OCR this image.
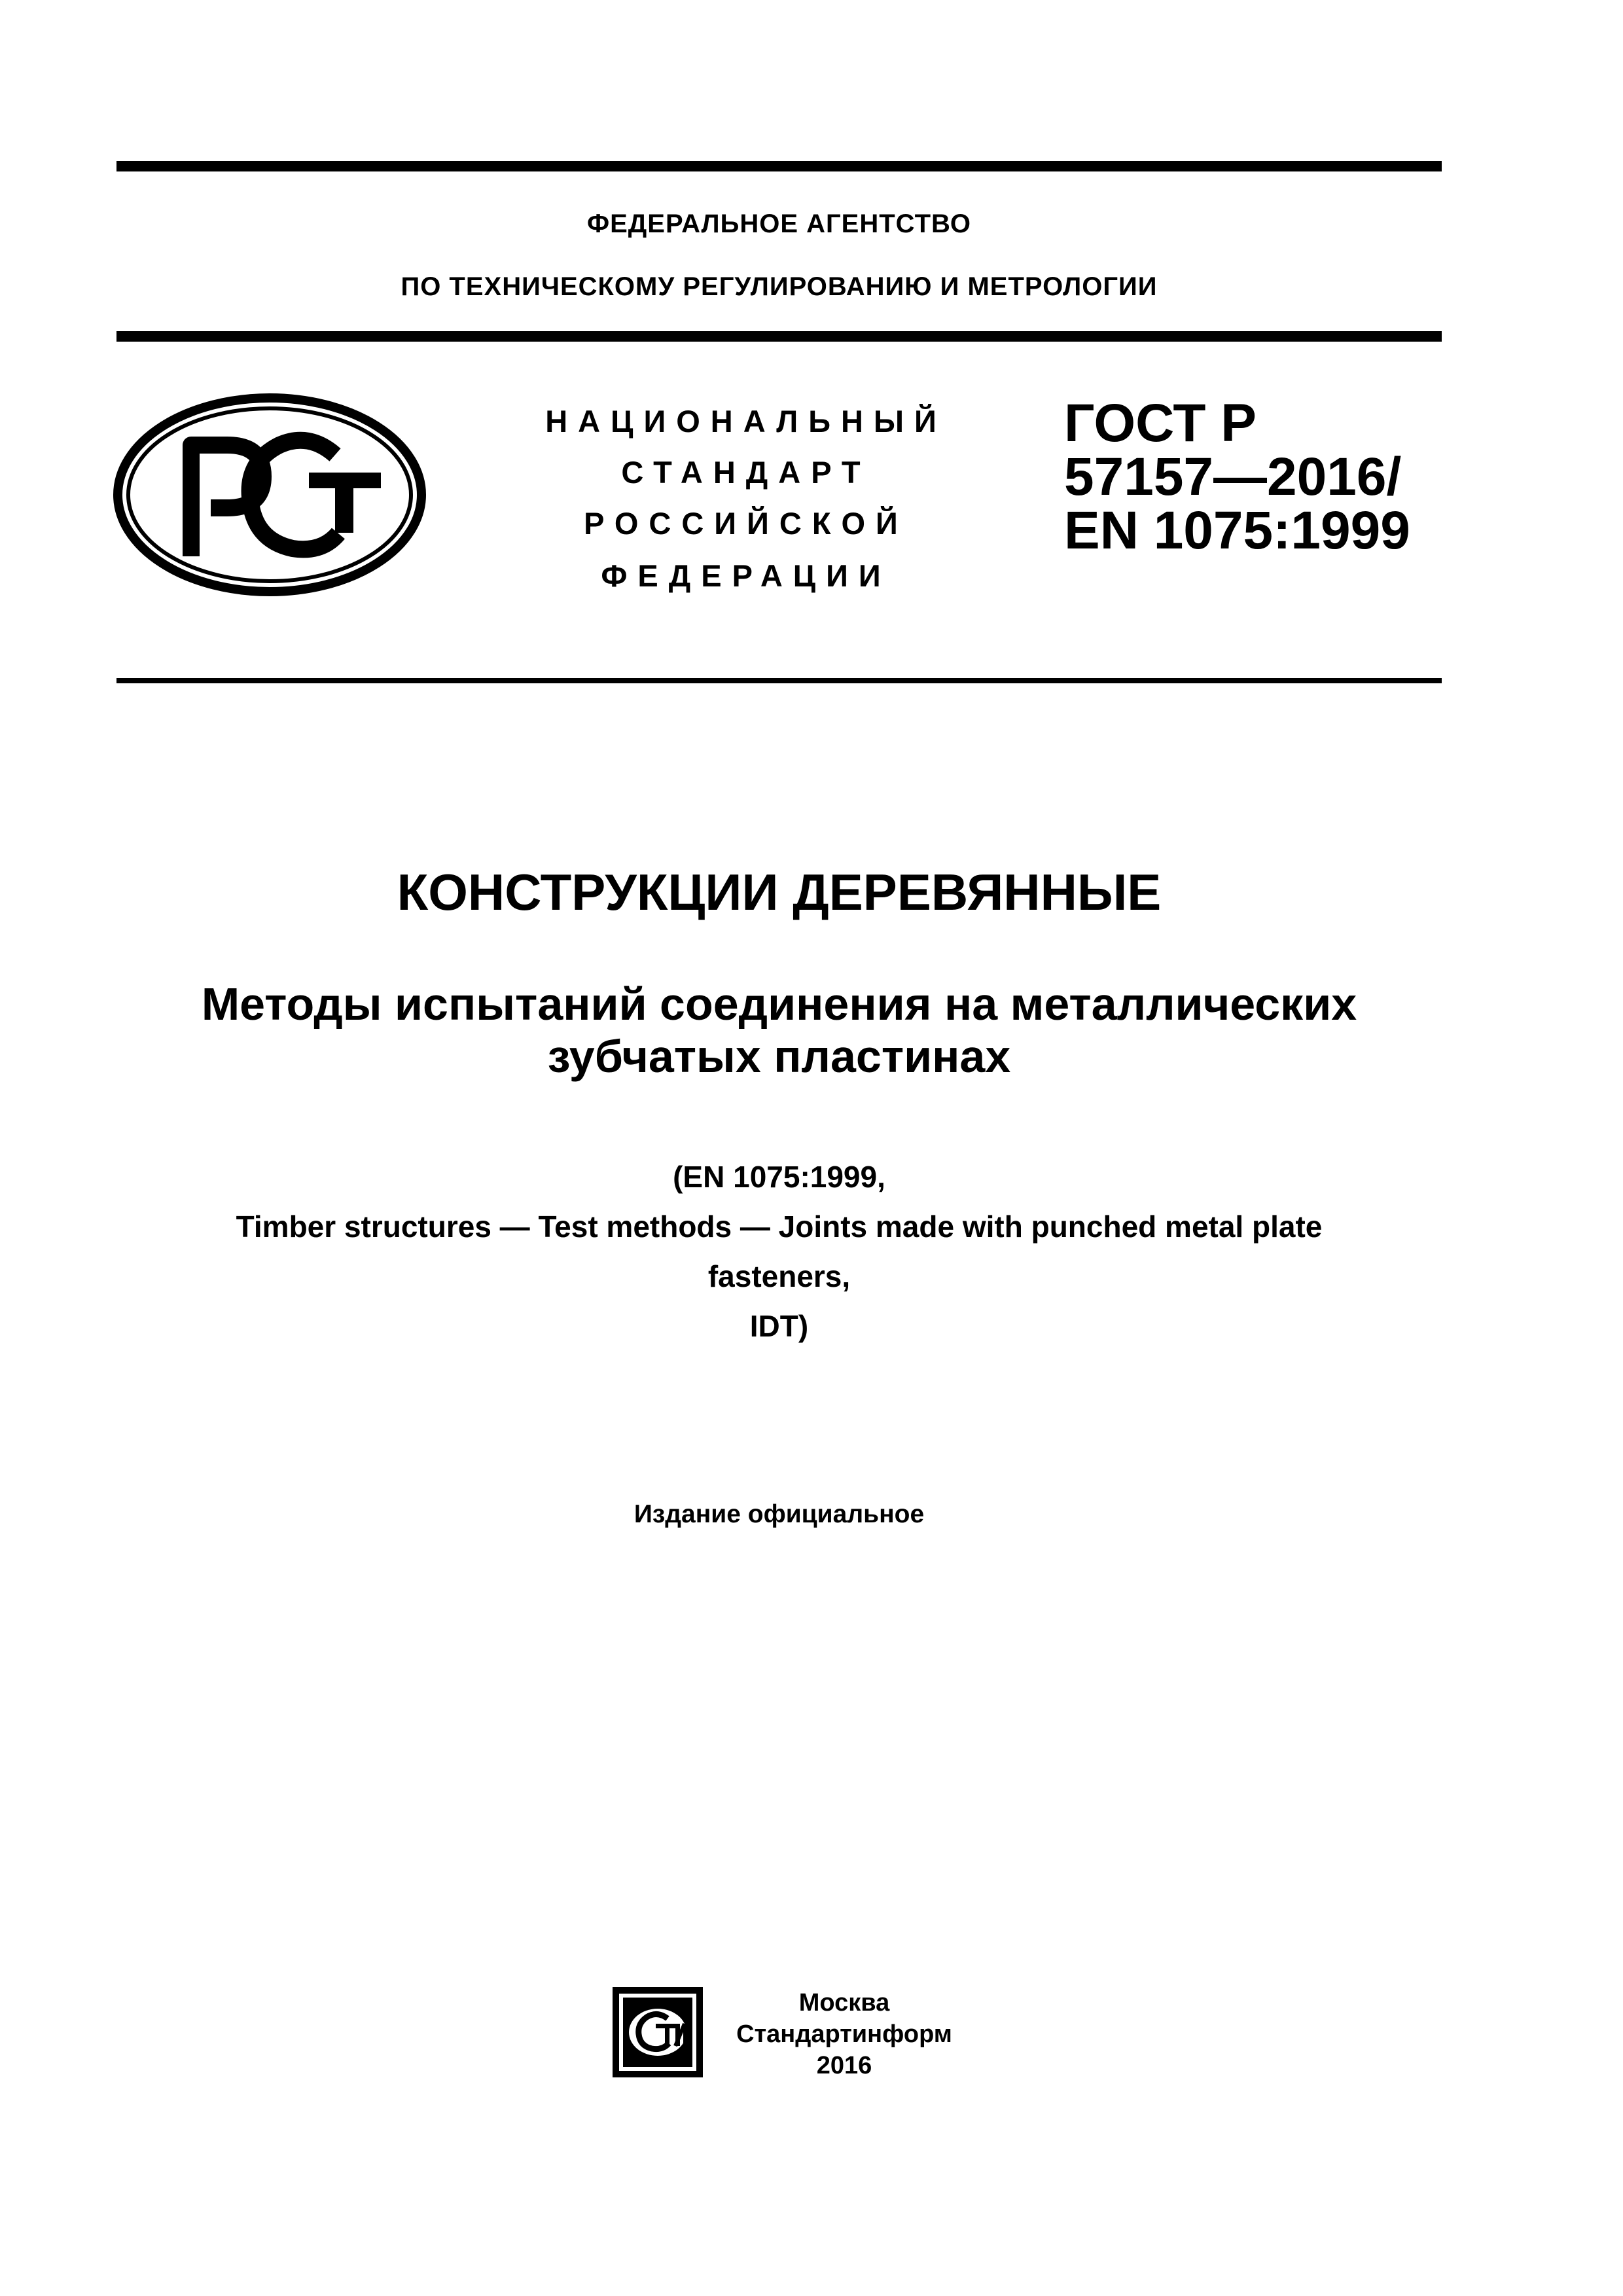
ФЕДЕРАЛЬНОЕ АГЕНТСТВО
ПО ТЕХНИЧЕСКОМУ РЕГУЛИРОВАНИЮ И МЕТРОЛОГИИ
НАЦИОНАЛЬНЫЙ
СТАНДАРТ
РОССИЙСКОЙ
ФЕДЕРАЦИИ
ГОСТ Р
57157—2016/
EN 1075:1999
КОНСТРУКЦИИ ДЕРЕВЯННЫЕ
Методы испытаний соединения на металлических
зубчатых пластинах
(EN 1075:1999,
Timber structures — Test methods — Joints made with punched metal plate
fasteners,
IDT)
Издание официальное
Москва
Стандартинформ
2016
